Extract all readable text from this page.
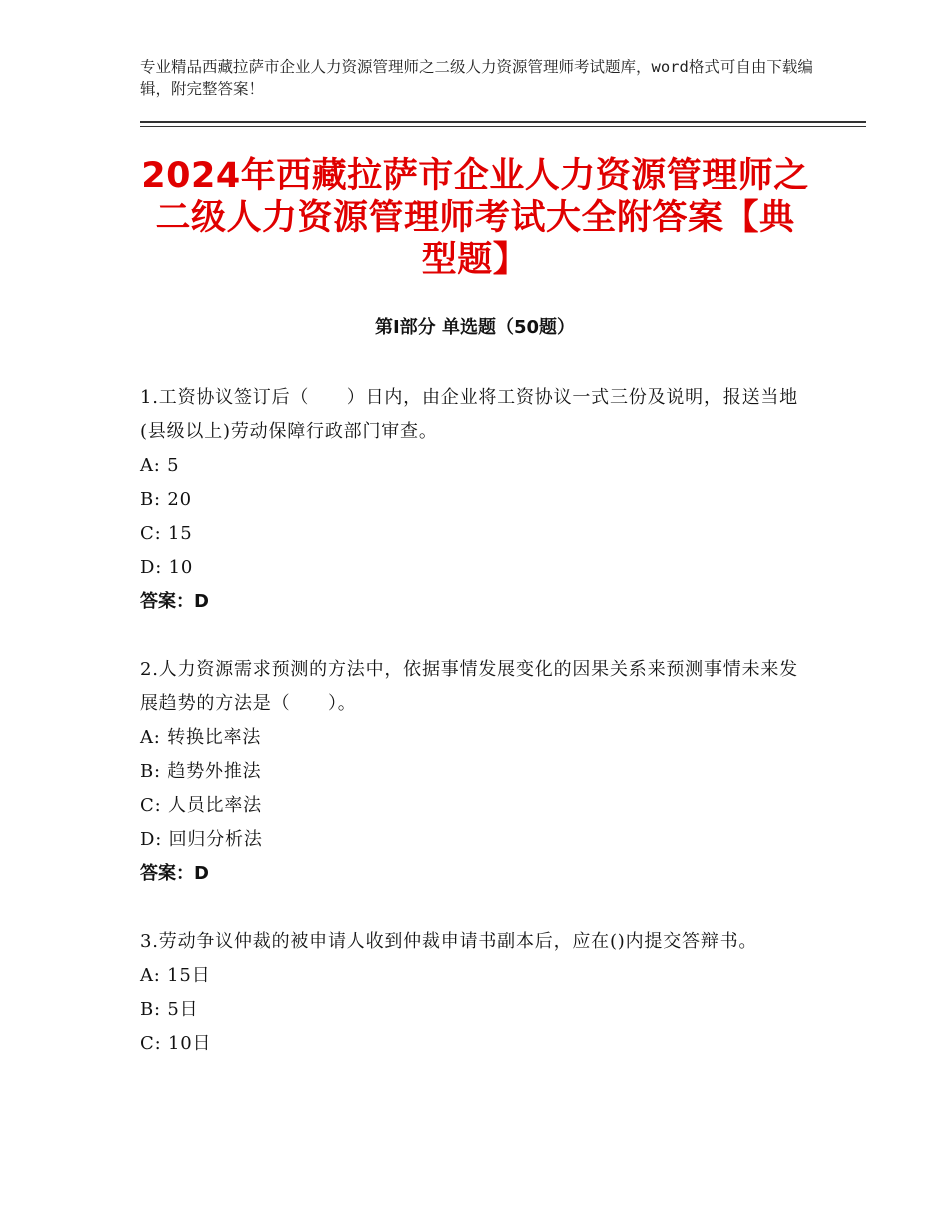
专业精品西藏拉萨市企业人力资源管理师之二级人力资源管理师考试题库，word格式可自由下载编辑，附完整答案！
2024年西藏拉萨市企业人力资源管理师之二级人力资源管理师考试大全附答案【典型题】
第Ⅰ部分 单选题（50题）
1.工资协议签订后（　　）日内，由企业将工资协议一式三份及说明，报送当地(县级以上)劳动保障行政部门审查。
A: 5
B: 20
C: 15
D: 10
答案：D
2.人力资源需求预测的方法中，依据事情发展变化的因果关系来预测事情未来发展趋势的方法是（　　）。
A: 转换比率法
B: 趋势外推法
C: 人员比率法
D: 回归分析法
答案：D
3.劳动争议仲裁的被申请人收到仲裁申请书副本后，应在()内提交答辩书。
A: 15日
B: 5日
C: 10日
